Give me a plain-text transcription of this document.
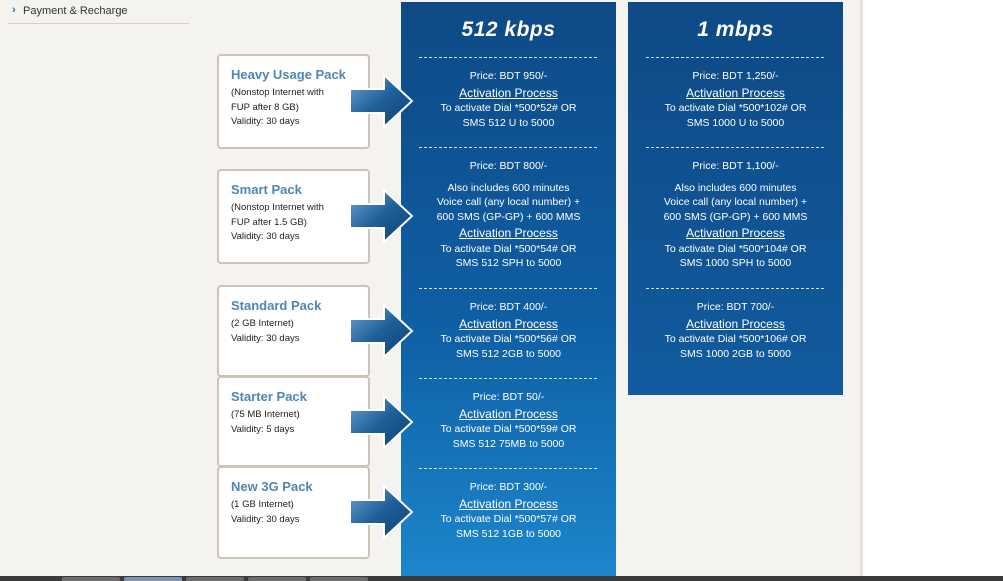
› Payment & Recharge
Heavy Usage Pack
(Nonstop Internet with
FUP after 8 GB)
Validity: 30 days
Smart Pack
(Nonstop Internet with
FUP after 1.5 GB)
Validity: 30 days
Standard Pack
(2 GB Internet)
Validity: 30 days
Starter Pack
(75 MB Internet)
Validity: 5 days
New 3G Pack
(1 GB Internet)
Validity: 30 days
512 kbps
Price: BDT 950/-
Activation Process
To activate Dial *500*52# OR
SMS 512 U to 5000
Price: BDT 800/-
Also includes 600 minutes
Voice call (any local number) +
600 SMS (GP-GP) + 600 MMS
Activation Process
To activate Dial *500*54# OR
SMS 512 SPH to 5000
Price: BDT 400/-
Activation Process
To activate Dial *500*56# OR
SMS 512 2GB to 5000
Price: BDT 50/-
Activation Process
To activate Dial *500*59# OR
SMS 512 75MB to 5000
Price: BDT 300/-
Activation Process
To activate Dial *500*57# OR
SMS 512 1GB to 5000
1 mbps
Price: BDT 1,250/-
Activation Process
To activate Dial *500*102# OR
SMS 1000 U to 5000
Price: BDT 1,100/-
Also includes 600 minutes
Voice call (any local number) +
600 SMS (GP-GP) + 600 MMS
Activation Process
To activate Dial *500*104# OR
SMS 1000 SPH to 5000
Price: BDT 700/-
Activation Process
To activate Dial *500*106# OR
SMS 1000 2GB to 5000
